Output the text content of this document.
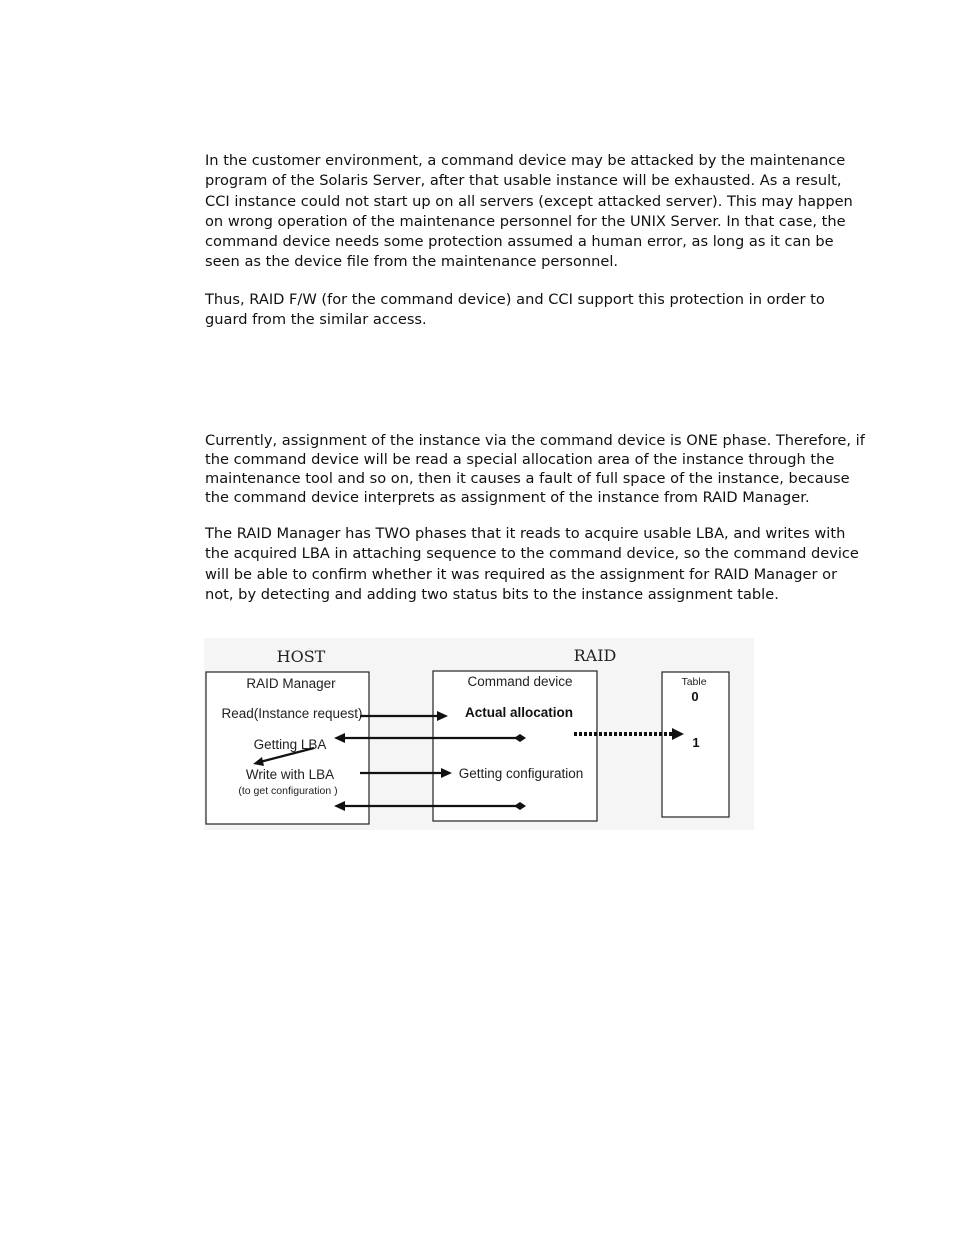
In the customer environment, a command device may be attacked by the maintenance program of the Solaris Server, after that usable instance will be exhausted. As a result, CCI instance could not start up on all servers (except attacked server). This may happen on wrong operation of the maintenance personnel for the UNIX Server. In that case, the command device needs some protection assumed a human error, as long as it can be seen as the device file from the maintenance personnel.

Thus, RAID F/W (for the command device) and CCI support this protection in order to guard from the similar access.

Currently, assignment of the instance via the command device is ONE phase. Therefore, if the command device will be read a special allocation area of the instance through the maintenance tool and so on, then it causes a fault of full space of the instance, because the command device interprets as assignment of the instance from RAID Manager.

The RAID Manager has TWO phases that it reads to acquire usable LBA, and writes with the acquired LBA in attaching sequence to the command device, so the command device will be able to confirm whether it was required as the assignment for RAID Manager or not, by detecting and adding two status bits to the instance assignment table.

HOST	RAID
RAID Manager
Read(Instance request)
Getting LBA
Write with LBA
(to get configuration )
Command device
Actual allocation
Getting configuration
Table
0
1
